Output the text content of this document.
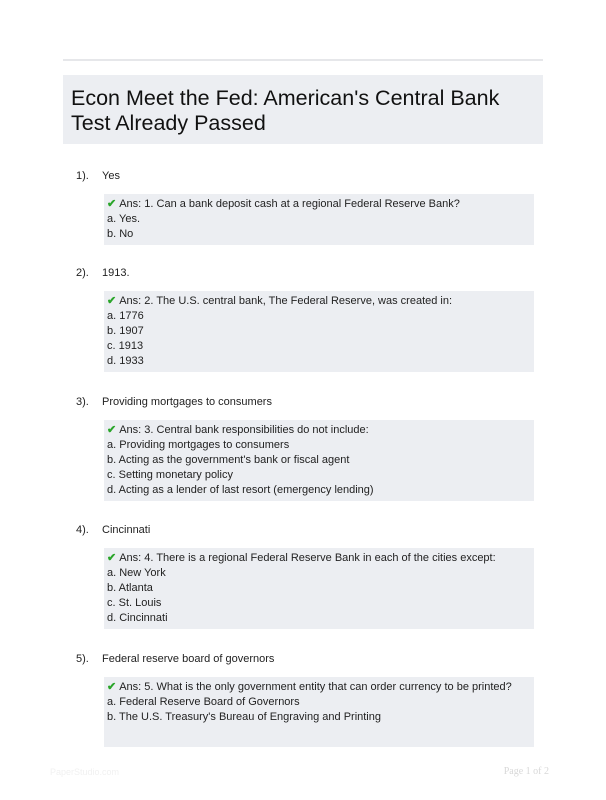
Econ Meet the Fed: American's Central Bank Test Already Passed
1). Yes
✔ Ans: 1. Can a bank deposit cash at a regional Federal Reserve Bank?
a. Yes.
b. No
2). 1913.
✔ Ans: 2. The U.S. central bank, The Federal Reserve, was created in:
a. 1776
b. 1907
c. 1913
d. 1933
3). Providing mortgages to consumers
✔ Ans: 3. Central bank responsibilities do not include:
a. Providing mortgages to consumers
b. Acting as the government's bank or fiscal agent
c. Setting monetary policy
d. Acting as a lender of last resort (emergency lending)
4). Cincinnati
✔ Ans: 4. There is a regional Federal Reserve Bank in each of the cities except:
a. New York
b. Atlanta
c. St. Louis
d. Cincinnati
5). Federal reserve board of governors
✔ Ans: 5. What is the only government entity that can order currency to be printed?
a. Federal Reserve Board of Governors
b. The U.S. Treasury's Bureau of Engraving and Printing
PaperStudio.com	Page 1 of 2
